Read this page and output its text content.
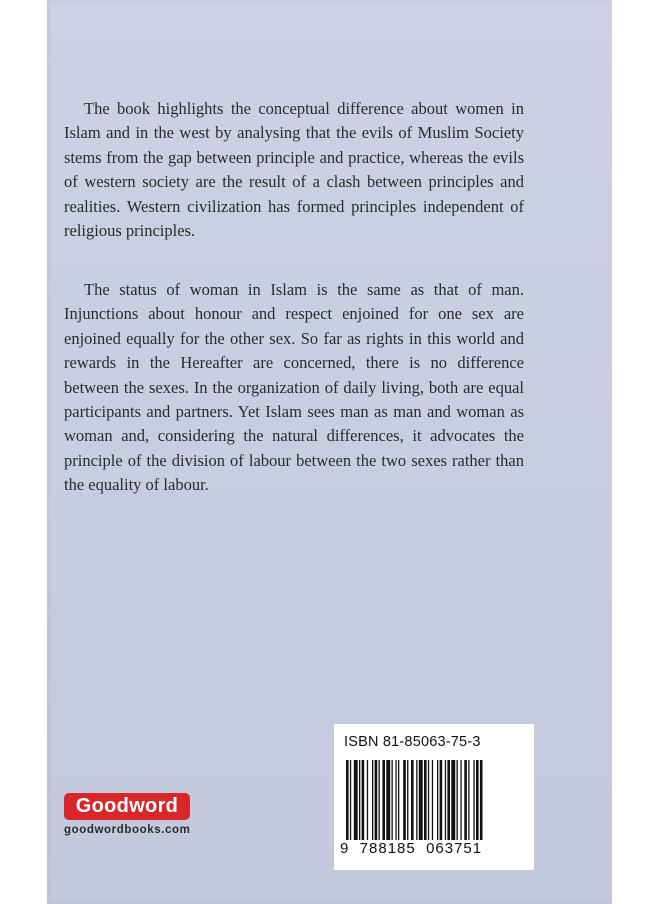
The book highlights the conceptual difference about women in Islam and in the west by analysing that the evils of Muslim Society stems from the gap between principle and practice, whereas the evils of western society are the result of a clash between principles and realities. Western civilization has formed principles independent of religious principles.

The status of woman in Islam is the same as that of man. Injunctions about honour and respect enjoined for one sex are enjoined equally for the other sex. So far as rights in this world and rewards in the Hereafter are concerned, there is no difference between the sexes. In the organization of daily living, both are equal participants and partners. Yet Islam sees man as man and woman as woman and, considering the natural differences, it advocates the principle of the division of labour between the two sexes rather than the equality of labour.

ISBN 81-85063-75-3
9  788185  063751
Goodword
goodwordbooks.com
